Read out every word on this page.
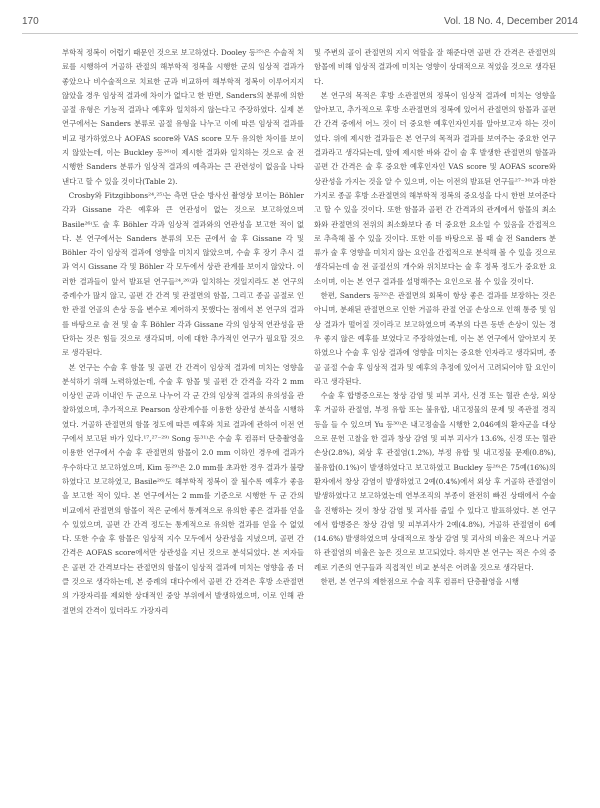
170	Vol. 18 No. 4, December 2014

부학적 정복이 어렵기 때문인 것으로 보고하였다. Dooley 등²⁵⁾은 수술적 치료를 시행하여 거골하 관절의 해부학적 정복을 시행한 군의 임상적 결과가 좋았으나 비수술적으로 치료한 군과 비교하여 해부학적 정복이 이루어지지 않았을 경우 임상적 결과에 차이가 없다고 한 반면, Sanders의 분류에 의한 골절 유형은 기능적 결과나 예후와 일치하지 않는다고 주장하였다. 실제 본 연구에서는 Sanders 분류로 골절 유형을 나누고 이에 따른 임상적 결과를 비교 평가하였으나 AOFAS score와 VAS score 모두 유의한 차이를 보이지 않았는데, 이는 Buckley 등²⁶⁾이 제시한 결과와 일치하는 것으로 술 전 시행한 Sanders 분류가 임상적 결과의 예측과는 큰 관련성이 없음을 나타낸다고 할 수 있을 것이다(Table 2).

Crosby와 Fitzgibbons²⁴,²⁵⁾는 측면 단순 방사선 촬영상 보이는 Böhler 각과 Gissane 각은 예후와 큰 연관성이 없는 것으로 보고하였으며 Basile²⁶⁾도 술 후 Böhler 각과 임상적 결과와의 연관성을 보고한 적이 없다. 본 연구에서는 Sanders 분류의 모든 군에서 술 후 Gissane 각 및 Böhler 각이 임상적 결과에 영향을 미치지 않았으며, 수술 후 장기 추시 결과 역시 Gissane 각 및 Böhler 각 모두에서 상관 관계를 보이지 않았다. 이러한 결과들이 앞서 발표된 연구들²⁴,²⁶⁾과 일치하는 것일지라도 본 연구의 증례수가 많지 않고, 골편 간 간격 및 관절면의 함몰, 그리고 종골 골절로 인한 관절 연골의 손상 등을 변수로 제어하지 못했다는 점에서 본 연구의 결과를 바탕으로 술 전 및 술 후 Böhler 각과 Gissane 각의 임상적 연관성을 판단하는 것은 힘들 것으로 생각되며, 이에 대한 추가적인 연구가 필요할 것으로 생각된다.

본 연구는 수술 후 함몰 및 골편 간 간격이 임상적 결과에 미치는 영향을 분석하기 위해 노력하였는데, 수술 후 함몰 및 골편 간 간격을 각각 2 mm 이상인 군과 이내인 두 군으로 나누어 각 군 간의 임상적 결과의 유의성을 관찰하였으며, 추가적으로 Pearson 상관계수를 이용한 상관성 분석을 시행하였다. 거골하 관절면의 함몰 정도에 따른 예후와 치료 결과에 관하여 이전 연구에서 보고된 바가 있다.¹⁷,²⁷⁻²⁹⁾ Song 등³¹⁾은 수술 후 컴퓨터 단층촬영을 이용한 연구에서 수술 후 관절면의 함몰이 2.0 mm 이하인 경우에 결과가 우수하다고 보고하였으며, Kim 등²⁹⁾은 2.0 mm를 초과한 경우 결과가 불량하였다고 보고하였고, Basile²⁶⁾도 해부학적 정복이 잘 될수록 예후가 좋음을 보고한 적이 있다. 본 연구에서는 2 mm를 기준으로 시행한 두 군 간의 비교에서 관절면의 함몰이 적은 군에서 통계적으로 유의한 좋은 결과를 얻을 수 있었으며, 골편 간 간격 정도는 통계적으로 유의한 결과를 얻을 수 없었다. 또한 수술 후 함몰은 임상적 지수 모두에서 상관성을 지녔으며, 골편 간 간격은 AOFAS score에서만 상관성을 지닌 것으로 분석되었다. 본 저자들은 골편 간 간격보다는 관절면의 함몰이 임상적 결과에 미치는 영향을 좀 더 클 것으로 생각하는데, 본 증례의 대다수에서 골편 간 간격은 후방 소관절면의 가장자리를 제외한 상대적인 중앙 부위에서 발생하였으며, 이로 인해 관절면의 간격이 있더라도 가장자리

및 주변의 골이 관절면의 지지 역할을 잘 해준다면 골편 간 간격은 관절면의 함몰에 비해 임상적 결과에 미치는 영향이 상대적으로 적었을 것으로 생각된다.

본 연구의 목적은 후방 소관절면의 정복이 임상적 결과에 미치는 영향을 알아보고, 추가적으로 후방 소관절면의 정복에 있어서 관절면의 함몰과 골편 간 간격 중에서 어느 것이 더 중요한 예후인자인지를 알아보고자 하는 것이었다. 위에 제시한 결과들은 본 연구의 목적과 결과를 보여주는 중요한 연구 결과라고 생각되는데, 앞에 제시한 바와 같이 술 후 발생한 관절면의 함몰과 골편 간 간격은 술 후 중요한 예후인자인 VAS score 및 AOFAS score와 상관성을 가지는 것을 알 수 있으며, 이는 이전의 발표된 연구들²⁷⁻³⁰⁾과 마찬가지로 종골 후방 소관절면의 해부학적 정복의 중요성을 다시 한번 보여준다고 할 수 있을 것이다. 또한 함몰과 골편 간 간격과의 관계에서 함몰의 최소화와 관절면의 전위의 최소화보다 좀 더 중요한 요소일 수 있음을 간접적으로 추측해 볼 수 있을 것이다. 또한 이를 바탕으로 볼 때 술 전 Sanders 분류가 술 후 영향을 미치지 않는 요인을 간접적으로 분석해 볼 수 있을 것으로 생각되는데 술 전 골절선의 개수와 위치보다는 술 후 정복 정도가 중요한 요소이며, 이는 본 연구 결과를 설명해주는 요인으로 볼 수 있을 것이다.

한편, Sanders 등³²⁾은 관절면의 회복이 항상 좋은 결과를 보장하는 것은 아니며, 분쇄된 관절면으로 인한 거골하 관절 연골 손상으로 인해 통증 및 임상 결과가 떨어질 것이라고 보고하였으며 족부의 다른 동반 손상이 있는 경우 좋지 않은 예후를 보였다고 주장하였는데, 이는 본 연구에서 알아보지 못하였으나 수술 후 임상 결과에 영향을 미치는 중요한 인자라고 생각되며, 종골 골절 수술 후 임상적 결과 및 예후의 추정에 있어서 고려되어야 할 요인이라고 생각된다.

수술 후 합병증으로는 창상 감염 및 피부 괴사, 신경 또는 혈관 손상, 외상 후 거골하 관절염, 부정 유합 또는 불유합, 내고정물의 문제 및 족관절 경직 등을 들 수 있으며 Yu 등³⁰⁾은 내고정술을 시행한 2,046예의 환자군을 대상으로 문헌 고찰을 한 결과 창상 감염 및 피부 괴사가 13.6%, 신경 또는 혈관 손상(2.8%), 외상 후 관절염(1.2%), 부정 유합 및 내고정물 문제(0.8%), 불유합(0.1%)이 발생하였다고 보고하였고 Buckley 등²⁶⁾은 75예(16%)의 환자에서 창상 감염이 발생하였고 2예(0.4%)에서 외상 후 거골하 관절염이 발생하였다고 보고하였는데 연부조직의 부종이 완전히 빠진 상태에서 수술을 진행하는 것이 창상 감염 및 괴사를 줄일 수 있다고 발표하였다. 본 연구에서 합병증은 창상 감염 및 피부괴사가 2예(4.8%), 거골하 관절염이 6예(14.6%) 발생하였으며 상대적으로 창상 감염 및 괴사의 비율은 적으나 거골하 관절염의 비율은 높은 것으로 보고되었다. 하지만 본 연구는 적은 수의 증례로 기존의 연구들과 직접적인 비교 분석은 어려울 것으로 생각된다.

한편, 본 연구의 제한점으로 수술 직후 컴퓨터 단층촬영을 시행
